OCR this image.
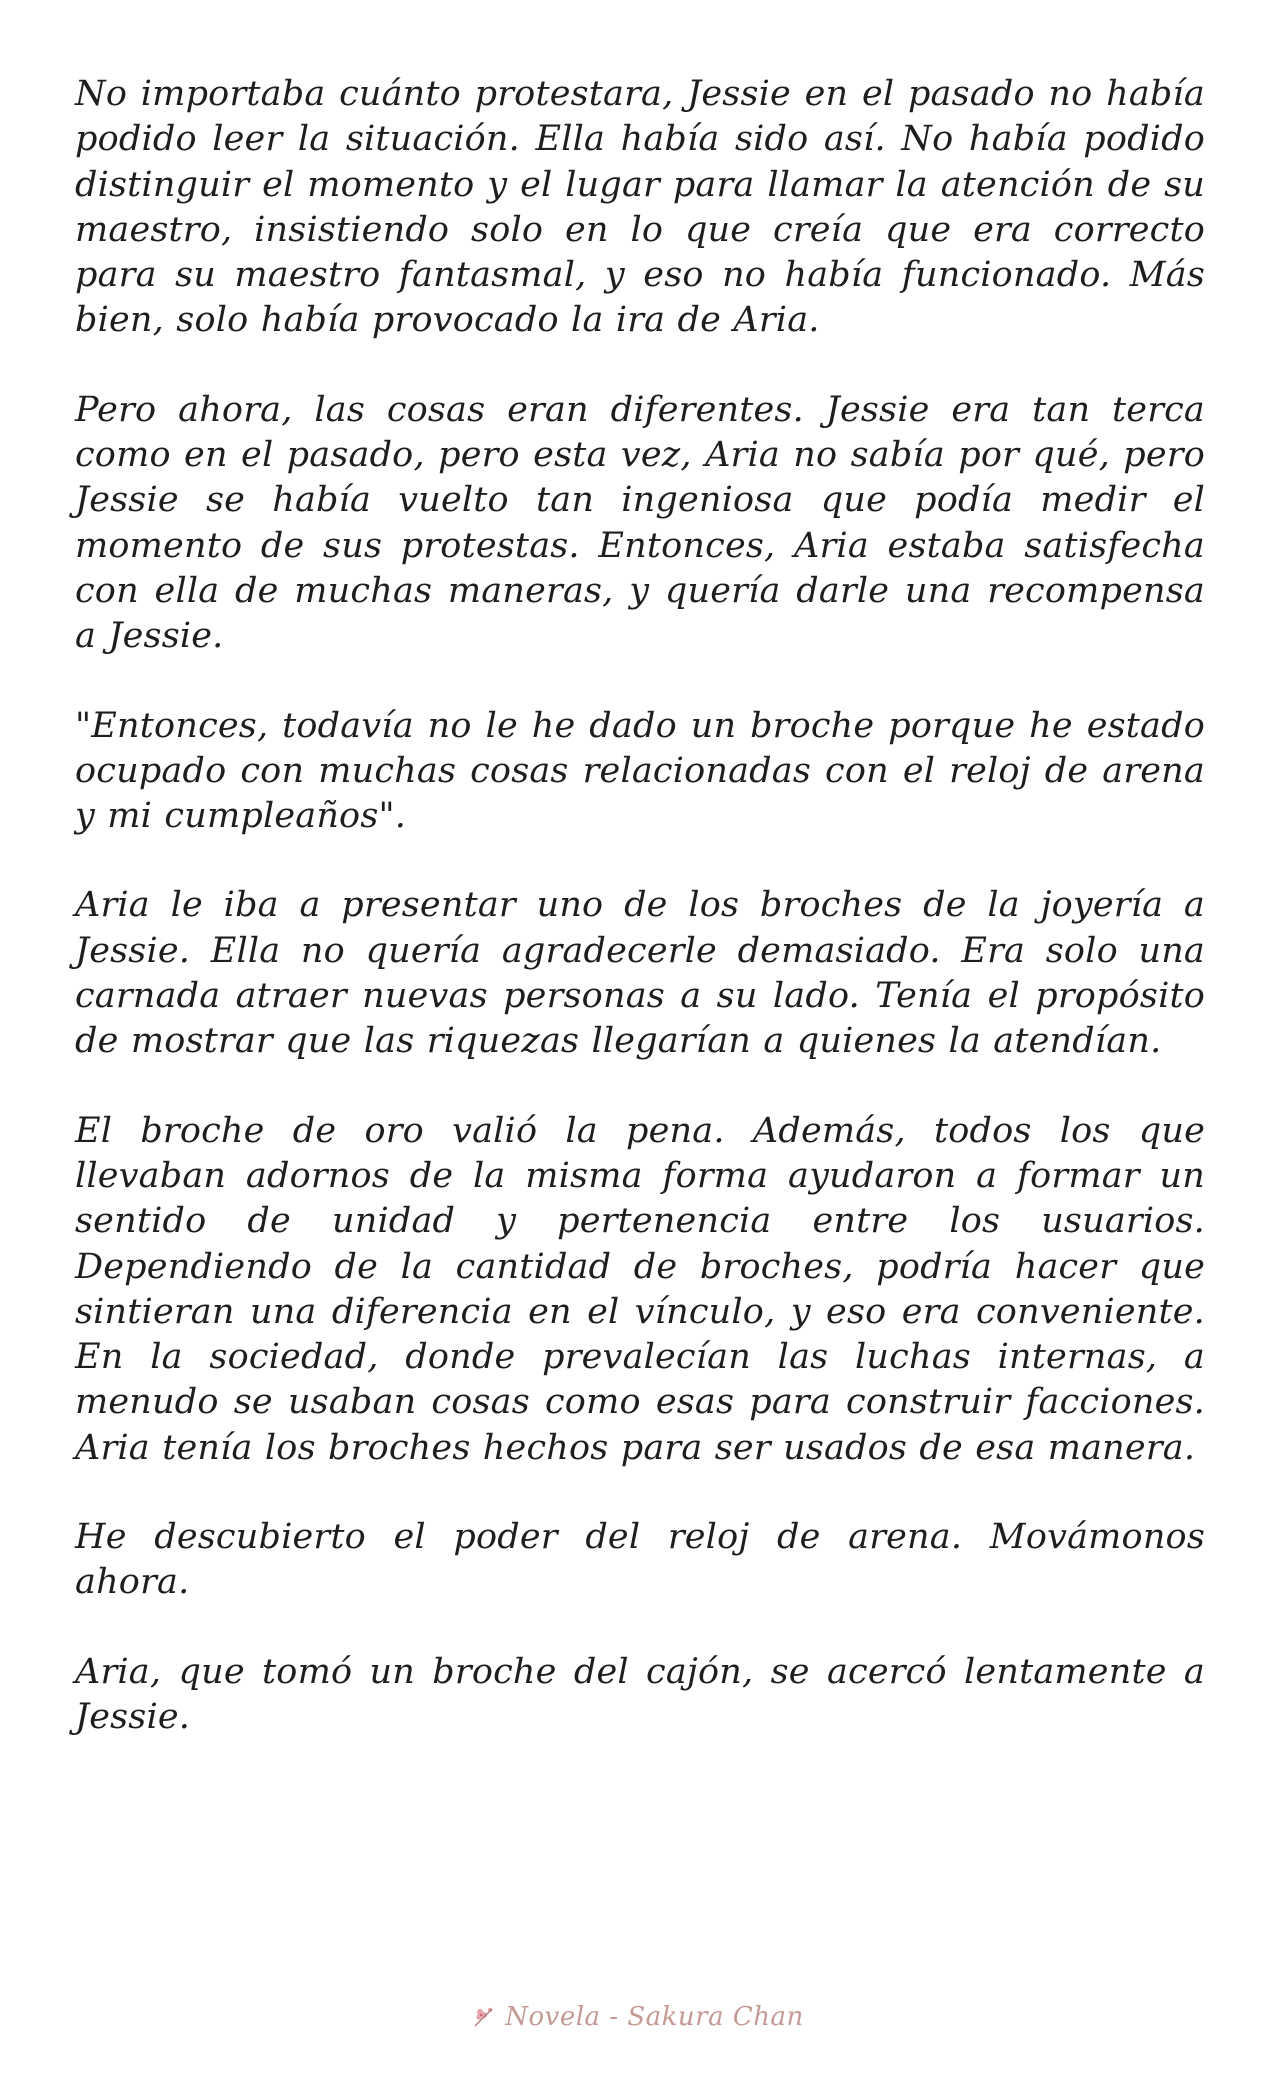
No importaba cuánto protestara, Jessie en el pasado no había podido leer la situación. Ella había sido así. No había podido distinguir el momento y el lugar para llamar la atención de su maestro, insistiendo solo en lo que creía que era correcto para su maestro fantasmal, y eso no había funcionado. Más bien, solo había provocado la ira de Aria.

Pero ahora, las cosas eran diferentes. Jessie era tan terca como en el pasado, pero esta vez, Aria no sabía por qué, pero Jessie se había vuelto tan ingeniosa que podía medir el momento de sus protestas. Entonces, Aria estaba satisfecha con ella de muchas maneras, y quería darle una recompensa a Jessie.

"Entonces, todavía no le he dado un broche porque he estado ocupado con muchas cosas relacionadas con el reloj de arena y mi cumpleaños".

Aria le iba a presentar uno de los broches de la joyería a Jessie. Ella no quería agradecerle demasiado. Era solo una carnada atraer nuevas personas a su lado. Tenía el propósito de mostrar que las riquezas llegarían a quienes la atendían.

El broche de oro valió la pena. Además, todos los que llevaban adornos de la misma forma ayudaron a formar un sentido de unidad y pertenencia entre los usuarios. Dependiendo de la cantidad de broches, podría hacer que sintieran una diferencia en el vínculo, y eso era conveniente. En la sociedad, donde prevalecían las luchas internas, a menudo se usaban cosas como esas para construir facciones. Aria tenía los broches hechos para ser usados de esa manera.

He descubierto el poder del reloj de arena. Movámonos ahora.

Aria, que tomó un broche del cajón, se acercó lentamente a Jessie.

Novela - Sakura Chan
